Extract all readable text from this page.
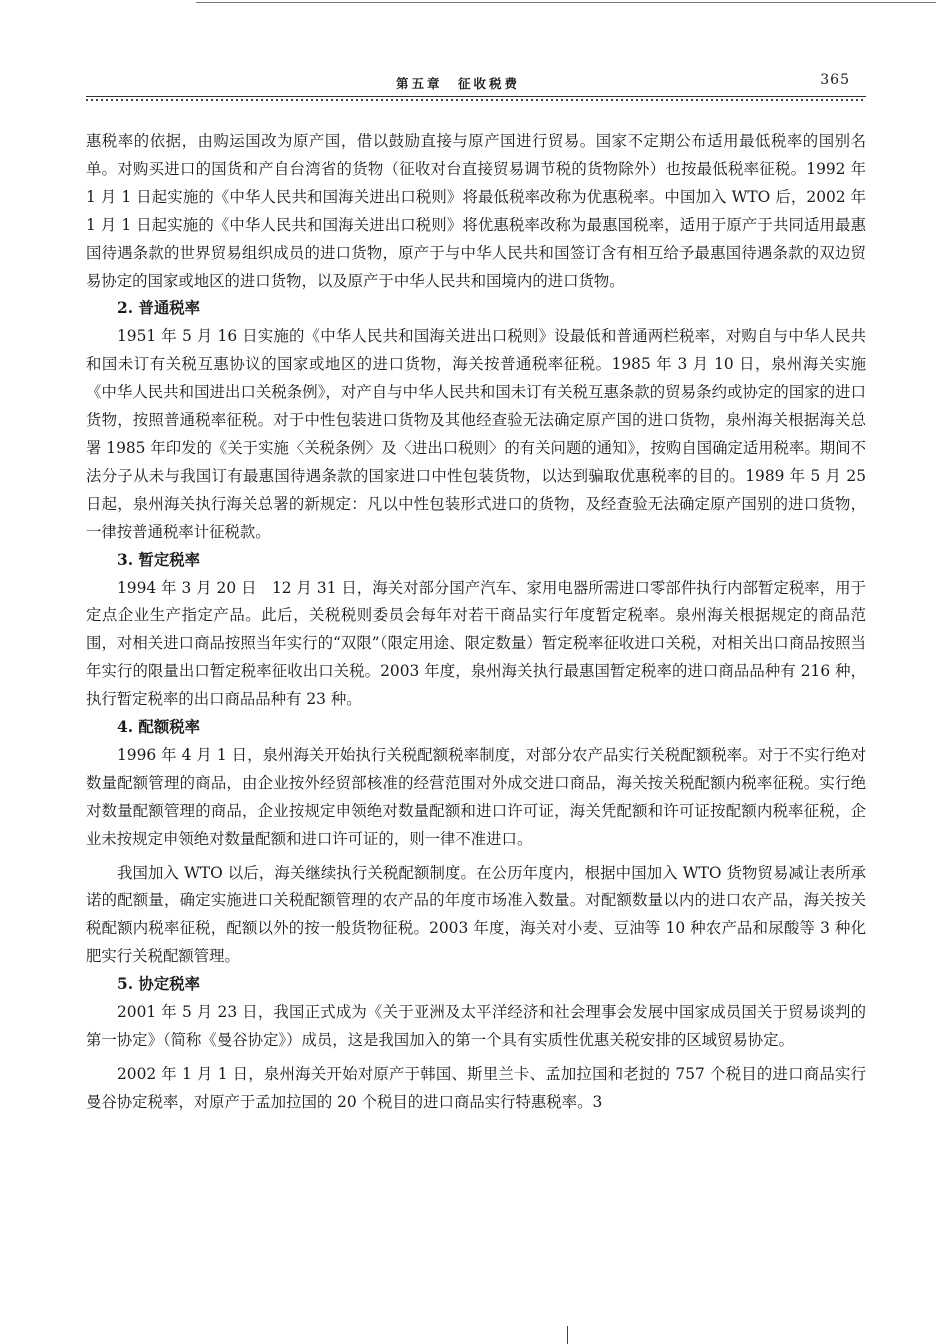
第五章　征收税费	365

惠税率的依据，由购运国改为原产国，借以鼓励直接与原产国进行贸易。国家不定期公布适用最低税率的国别名单。对购买进口的国货和产自台湾省的货物（征收对台直接贸易调节税的货物除外）也按最低税率征税。1992 年 1 月 1 日起实施的《中华人民共和国海关进出口税则》将最低税率改称为优惠税率。中国加入 WTO 后，2002 年 1 月 1 日起实施的《中华人民共和国海关进出口税则》将优惠税率改称为最惠国税率，适用于原产于共同适用最惠国待遇条款的世界贸易组织成员的进口货物，原产于与中华人民共和国签订含有相互给予最惠国待遇条款的双边贸易协定的国家或地区的进口货物，以及原产于中华人民共和国境内的进口货物。

2. 普通税率

1951 年 5 月 16 日实施的《中华人民共和国海关进出口税则》设最低和普通两栏税率，对购自与中华人民共和国未订有关税互惠协议的国家或地区的进口货物，海关按普通税率征税。1985 年 3 月 10 日，泉州海关实施《中华人民共和国进出口关税条例》，对产自与中华人民共和国未订有关税互惠条款的贸易条约或协定的国家的进口货物，按照普通税率征税。对于中性包装进口货物及其他经查验无法确定原产国的进口货物，泉州海关根据海关总署 1985 年印发的《关于实施〈关税条例〉及〈进出口税则〉的有关问题的通知》，按购自国确定适用税率。期间不法分子从未与我国订有最惠国待遇条款的国家进口中性包装货物，以达到骗取优惠税率的目的。1989 年 5 月 25 日起，泉州海关执行海关总署的新规定：凡以中性包装形式进口的货物，及经查验无法确定原产国别的进口货物，一律按普通税率计征税款。

3. 暂定税率

1994 年 3 月 20 日　12 月 31 日，海关对部分国产汽车、家用电器所需进口零部件执行内部暂定税率，用于定点企业生产指定产品。此后，关税税则委员会每年对若干商品实行年度暂定税率。泉州海关根据规定的商品范围，对相关进口商品按照当年实行的“双限”（限定用途、限定数量）暂定税率征收进口关税，对相关出口商品按照当年实行的限量出口暂定税率征收出口关税。2003 年度，泉州海关执行最惠国暂定税率的进口商品品种有 216 种，执行暂定税率的出口商品品种有 23 种。

4. 配额税率

1996 年 4 月 1 日，泉州海关开始执行关税配额税率制度，对部分农产品实行关税配额税率。对于不实行绝对数量配额管理的商品，由企业按外经贸部核准的经营范围对外成交进口商品，海关按关税配额内税率征税。实行绝对数量配额管理的商品，企业按规定申领绝对数量配额和进口许可证，海关凭配额和许可证按配额内税率征税，企业未按规定申领绝对数量配额和进口许可证的，则一律不准进口。

我国加入 WTO 以后，海关继续执行关税配额制度。在公历年度内，根据中国加入 WTO 货物贸易减让表所承诺的配额量，确定实施进口关税配额管理的农产品的年度市场准入数量。对配额数量以内的进口农产品，海关按关税配额内税率征税，配额以外的按一般货物征税。2003 年度，海关对小麦、豆油等 10 种农产品和尿酸等 3 种化肥实行关税配额管理。

5. 协定税率

2001 年 5 月 23 日，我国正式成为《关于亚洲及太平洋经济和社会理事会发展中国家成员国关于贸易谈判的第一协定》（简称《曼谷协定》）成员，这是我国加入的第一个具有实质性优惠关税安排的区域贸易协定。

2002 年 1 月 1 日，泉州海关开始对原产于韩国、斯里兰卡、孟加拉国和老挝的 757 个税目的进口商品实行曼谷协定税率，对原产于孟加拉国的 20 个税目的进口商品实行特惠税率。3
